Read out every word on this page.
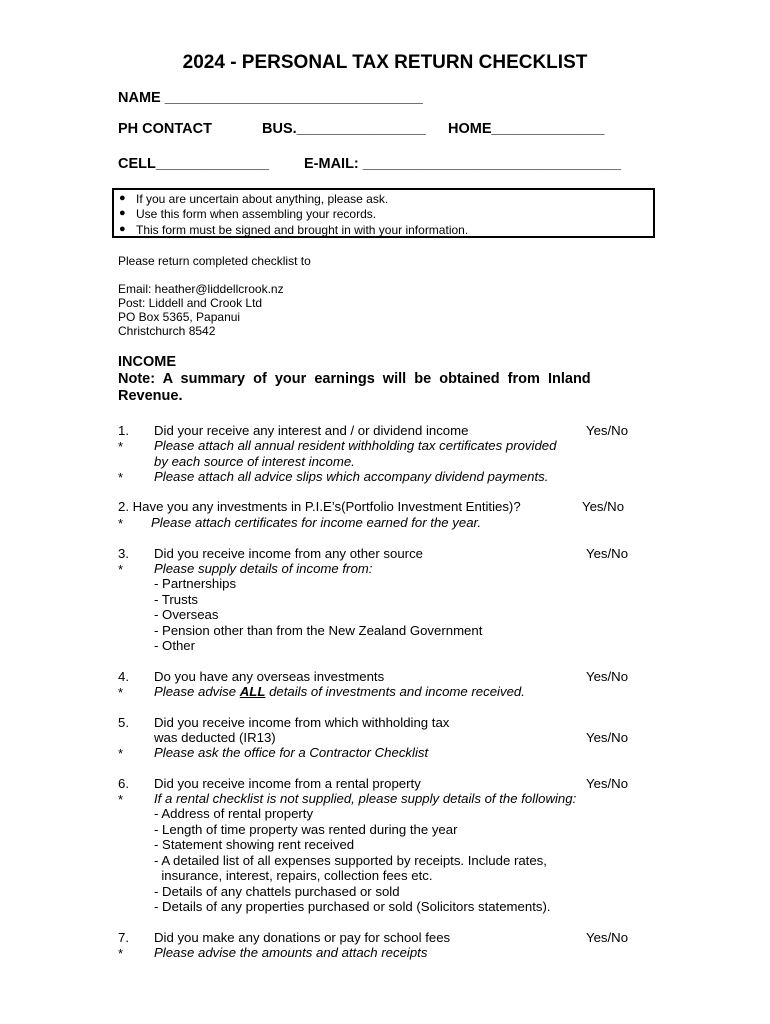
2024 - PERSONAL TAX RETURN CHECKLIST
NAME ________________________________
PH CONTACT	BUS.________________ HOME______________
CELL______________ E-MAIL: ________________________________
● If you are uncertain about anything, please ask.
● Use this form when assembling your records.
● This form must be signed and brought in with your information.
Please return completed checklist to
Email: heather@liddellcrook.nz
Post: Liddell and Crook Ltd
PO Box 5365, Papanui
Christchurch 8542
INCOME
Note:  A  summary  of  your  earnings  will  be  obtained  from  Inland
Revenue.
1. Did your receive any interest and / or dividend income	Yes/No
* Please attach all annual resident withholding tax certificates provided
by each source of interest income.
* Please attach all advice slips which accompany dividend payments.
2. Have you any investments in P.I.E’s(Portfolio Investment Entities)?	Yes/No
* Please attach certificates for income earned for the year.
3. Did you receive income from any other source	Yes/No
* Please supply details of income from:
- Partnerships
- Trusts
- Overseas
- Pension other than from the New Zealand Government
- Other
4. Do you have any overseas investments	Yes/No
* Please advise ALL details of investments and income received.
5. Did you receive income from which withholding tax
was deducted (IR13)	Yes/No
* Please ask the office for a Contractor Checklist
6. Did you receive income from a rental property	Yes/No
* If a rental checklist is not supplied, please supply details of the following:
- Address of rental property
- Length of time property was rented during the year
- Statement showing rent received
- A detailed list of all expenses supported by receipts. Include rates,
insurance, interest, repairs, collection fees etc.
- Details of any chattels purchased or sold
- Details of any properties purchased or sold (Solicitors statements).
7. Did you make any donations or pay for school fees	Yes/No
* Please advise the amounts and attach receipts
